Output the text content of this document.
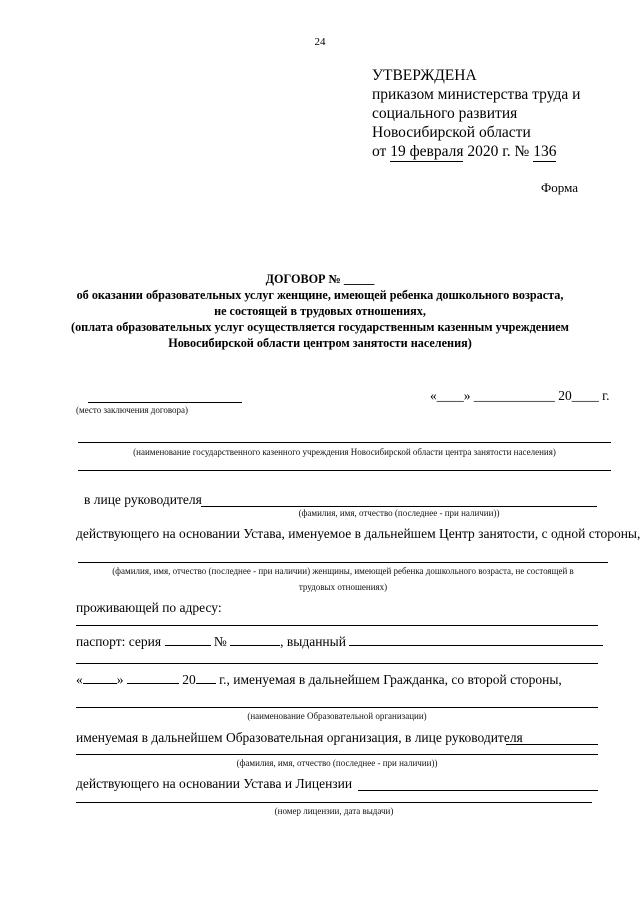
24
УТВЕРЖДЕНА
приказом министерства труда и
социального развития
Новосибирской области
от 19 февраля 2020 г. № 136
Форма
ДОГОВОР № _____
об оказании образовательных услуг женщине, имеющей ребенка дошкольного возраста,
не состоящей в трудовых отношениях,
(оплата образовательных услуг осуществляется государственным казенным учреждением
Новосибирской области центром занятости населения)
(место заключения договора)
«____» ____________ 20____ г.
(наименование государственного казенного учреждения Новосибирской области центра занятости населения)
в лице руководителя
(фамилия, имя, отчество (последнее - при наличии))
действующего на основании Устава, именуемое в дальнейшем Центр занятости, с одной стороны,
(фамилия, имя, отчество (последнее - при наличии) женщины, имеющей ребенка дошкольного возраста, не состоящей в
трудовых отношениях)
проживающей по адресу:
паспорт: серия	№	, выданный
«	»	20 г., именуемая в дальнейшем Гражданка, со второй стороны,
(наименование Образовательной организации)
именуемая в дальнейшем Образовательная организация, в лице руководителя
(фамилия, имя, отчество (последнее - при наличии))
действующего на основании Устава и Лицензии
(номер лицензии, дата выдачи)
